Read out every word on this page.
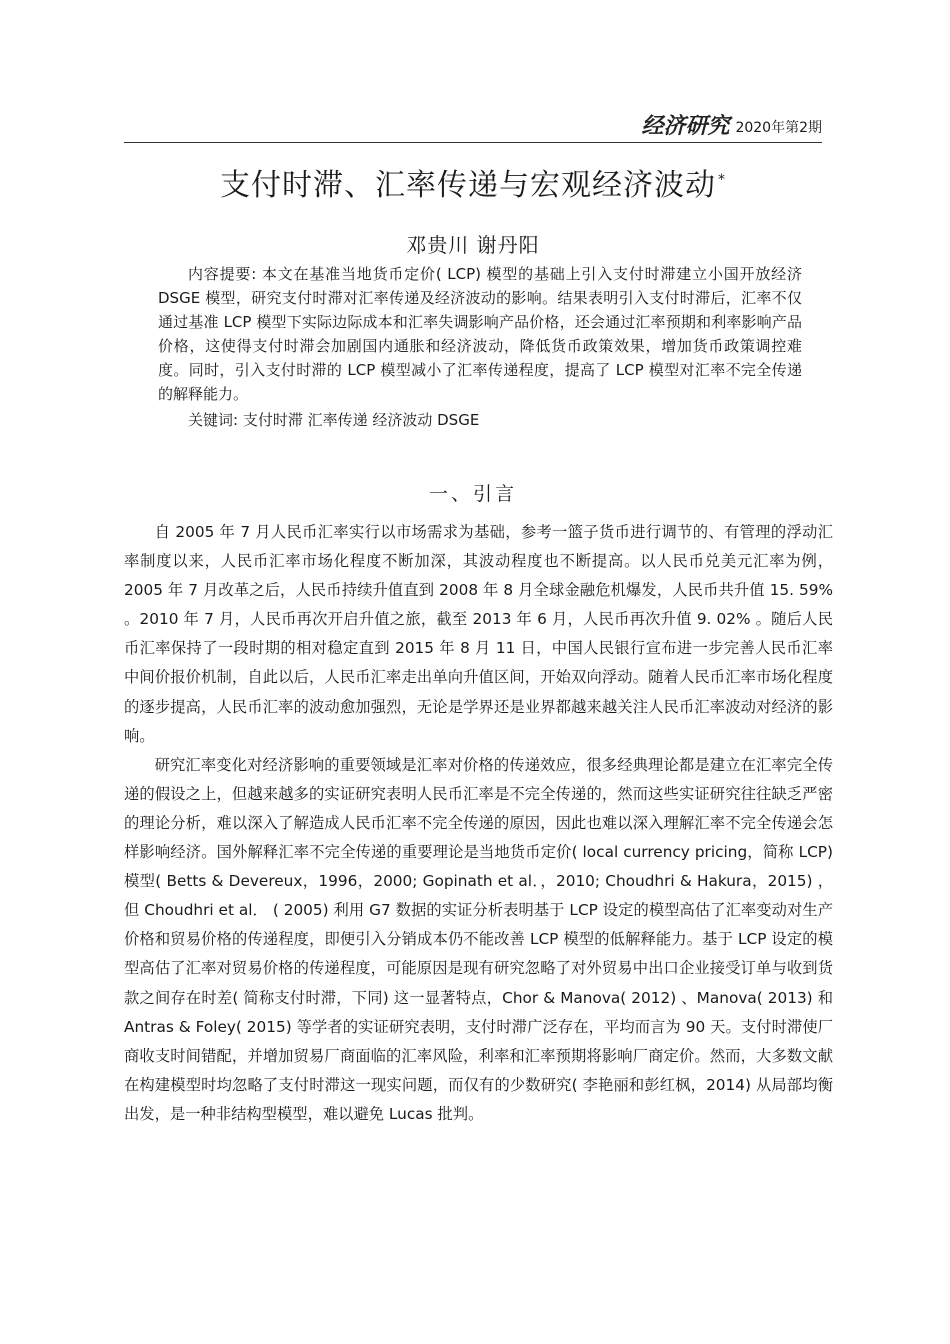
经济研究 2020年第2期
支付时滞、汇率传递与宏观经济波动 *
邓贵川 谢丹阳

内容提要: 本文在基准当地货币定价( LCP) 模型的基础上引入支付时滞建立小国开放经济 DSGE 模型，研究支付时滞对汇率传递及经济波动的影响。结果表明引入支付时滞后，汇率不仅通过基准 LCP 模型下实际边际成本和汇率失调影响产品价格，还会通过汇率预期和利率影响产品价格，这使得支付时滞会加剧国内通胀和经济波动，降低货币政策效果，增加货币政策调控难度。同时，引入支付时滞的 LCP 模型减小了汇率传递程度，提高了 LCP 模型对汇率不完全传递的解释能力。

关键词: 支付时滞 汇率传递 经济波动 DSGE

一、引言

自 2005 年 7 月人民币汇率实行以市场需求为基础，参考一篮子货币进行调节的、有管理的浮动汇率制度以来，人民币汇率市场化程度不断加深，其波动程度也不断提高。以人民币兑美元汇率为例，2005 年 7 月改革之后，人民币持续升值直到 2008 年 8 月全球金融危机爆发，人民币共升值 15. 59% 。2010 年 7 月，人民币再次开启升值之旅，截至 2013 年 6 月，人民币再次升值 9. 02% 。随后人民币汇率保持了一段时期的相对稳定直到 2015 年 8 月 11 日，中国人民银行宣布进一步完善人民币汇率中间价报价机制，自此以后，人民币汇率走出单向升值区间，开始双向浮动。随着人民币汇率市场化程度的逐步提高，人民币汇率的波动愈加强烈，无论是学界还是业界都越来越关注人民币汇率波动对经济的影响。

研究汇率变化对经济影响的重要领域是汇率对价格的传递效应，很多经典理论都是建立在汇率完全传递的假设之上，但越来越多的实证研究表明人民币汇率是不完全传递的，然而这些实证研究往往缺乏严密的理论分析，难以深入了解造成人民币汇率不完全传递的原因，因此也难以深入理解汇率不完全传递会怎样影响经济。国外解释汇率不完全传递的重要理论是当地货币定价( local currency pricing，简称 LCP) 模型( Betts & Devereux，1996，2000; Gopinath et al．，2010; Choudhri & Hakura，2015) ，但 Choudhri et al． ( 2005) 利用 G7 数据的实证分析表明基于 LCP 设定的模型高估了汇率变动对生产价格和贸易价格的传递程度，即便引入分销成本仍不能改善 LCP 模型的低解释能力。基于 LCP 设定的模型高估了汇率对贸易价格的传递程度，可能原因是现有研究忽略了对外贸易中出口企业接受订单与收到货款之间存在时差( 简称支付时滞，下同) 这一显著特点，Chor & Manova( 2012) 、Manova( 2013) 和 Antras & Foley( 2015) 等学者的实证研究表明，支付时滞广泛存在，平均而言为 90 天。支付时滞使厂商收支时间错配，并增加贸易厂商面临的汇率风险，利率和汇率预期将影响厂商定价。然而，大多数文献在构建模型时均忽略了支付时滞这一现实问题，而仅有的少数研究( 李艳丽和彭红枫，2014) 从局部均衡出发，是一种非结构型模型，难以避免 Lucas 批判。
